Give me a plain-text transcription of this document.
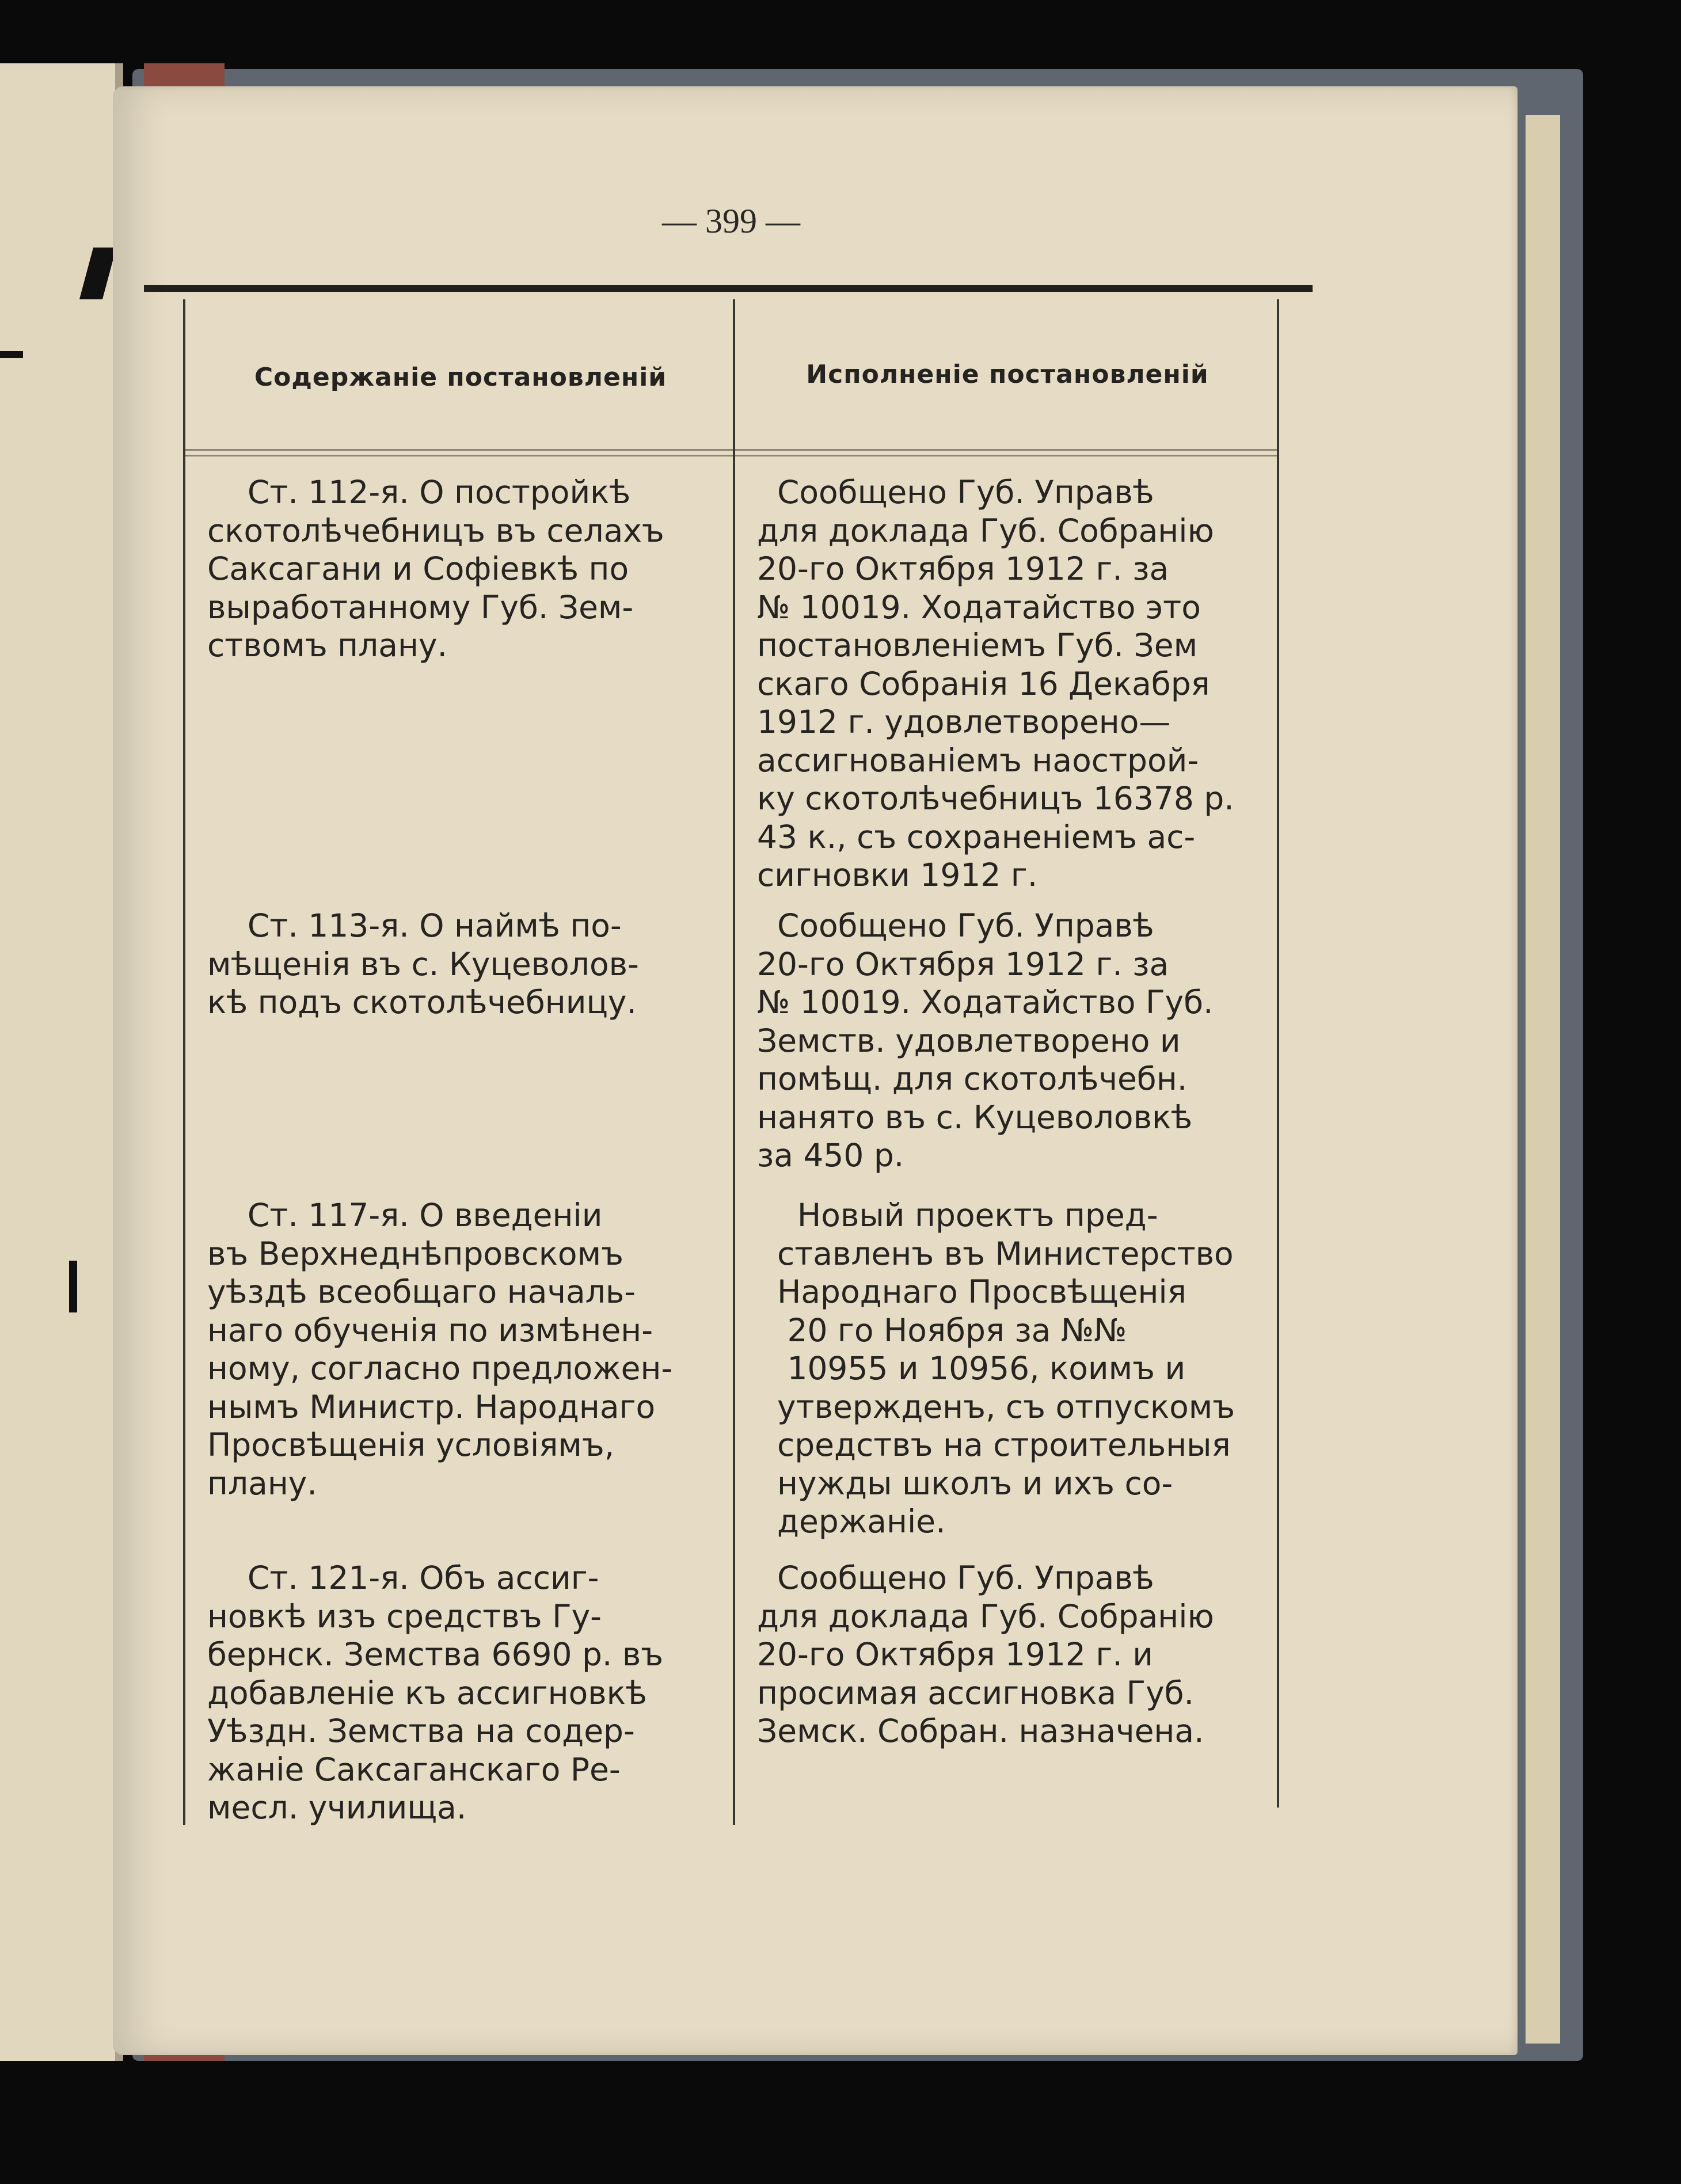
— 399 —
Содержаніе постановленій	Исполненіе постановленій
Ст. 112-я. О постройкѣ
скотолѣчебницъ въ селахъ
Саксагани и Софіевкѣ по
выработанному Губ. Зем-
ствомъ плану.
Сообщено Губ. Управѣ
для доклада Губ. Собранію
20-го Октября 1912 г. за
№ 10019. Ходатайство это
постановленіемъ Губ. Зем
скаго Собранія 16 Декабря
1912 г. удовлетворено—
ассигнованіемъ наострой-
ку скотолѣчебницъ 16378 р.
43 к., съ сохраненіемъ ас-
сигновки 1912 г.
Ст. 113-я. О наймѣ по-
мѣщенія въ с. Куцеволов-
кѣ подъ скотолѣчебницу.
Сообщено Губ. Управѣ
20-го Октября 1912 г. за
№ 10019. Ходатайство Губ.
Земств. удовлетворено и
помѣщ. для скотолѣчебн.
нанято въ с. Куцеволовкѣ
за 450 р.
Ст. 117-я. О введеніи
въ Верхнеднѣпровскомъ
уѣздѣ всеобщаго началь-
наго обученія по измѣнен-
ному, согласно предложен-
нымъ Министр. Народнаго
Просвѣщенія условіямъ,
плану.
Новый проектъ пред-
ставленъ въ Министерство
Народнаго Просвѣщенія
20 го Ноября за №№
10955 и 10956, коимъ и
утвержденъ, съ отпускомъ
средствъ на строительныя
нужды школъ и ихъ со-
держаніе.
Ст. 121-я. Объ ассиг-
новкѣ изъ средствъ Гу-
бернск. Земства 6690 р. въ
добавленіе къ ассигновкѣ
Уѣздн. Земства на содер-
жаніе Саксаганскаго Ре-
месл. училища.
Сообщено Губ. Управѣ
для доклада Губ. Собранію
20-го Октября 1912 г. и
просимая ассигновка Губ.
Земск. Собран. назначена.
